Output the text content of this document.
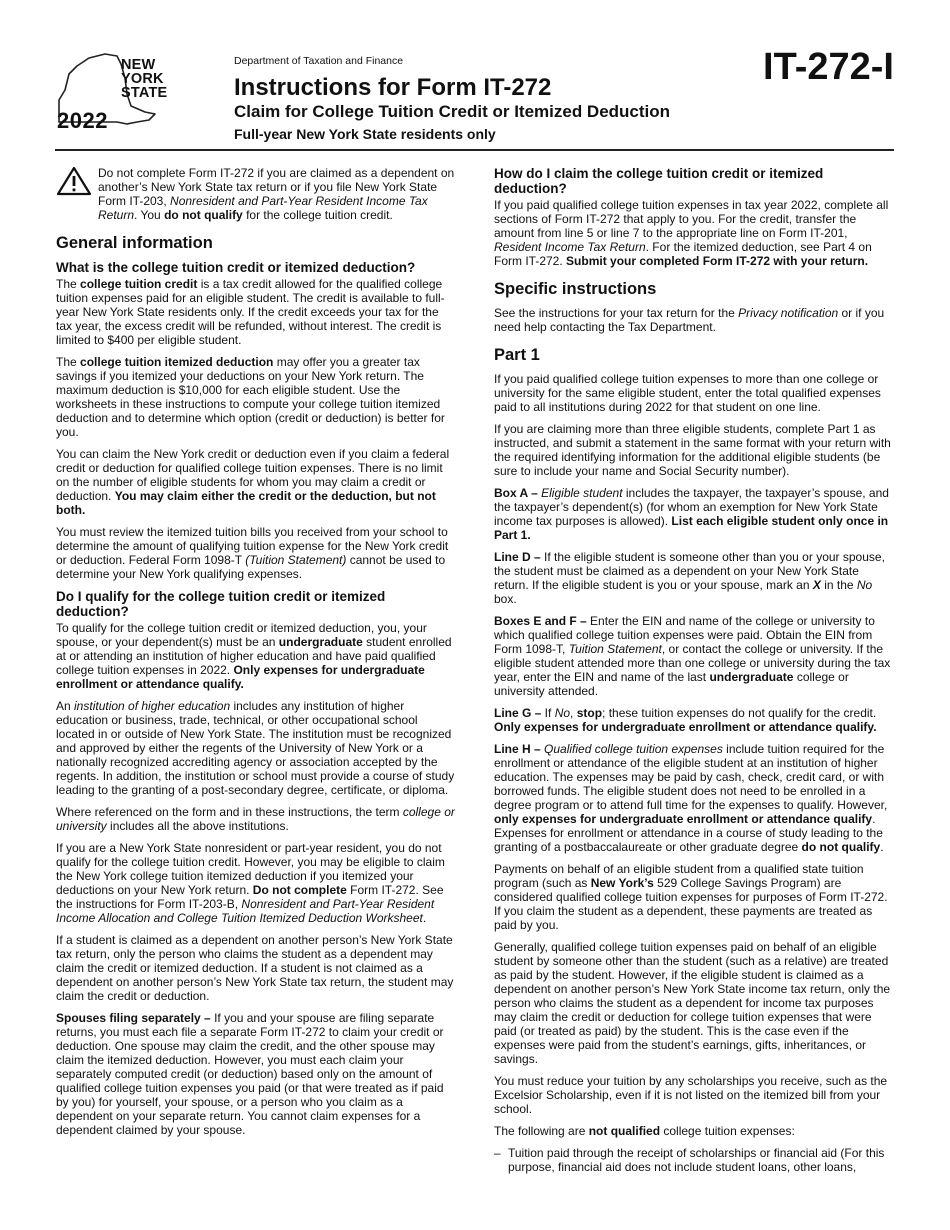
NEW
YORK
STATE
2022
Department of Taxation and Finance
Instructions for Form IT-272
Claim for College Tuition Credit or Itemized Deduction
Full-year New York State residents only
IT-272-I

Do not complete Form IT-272 if you are claimed as a dependent on another’s New York State tax return or if you file New York State Form IT-203, Nonresident and Part-Year Resident Income Tax Return. You do not qualify for the college tuition credit.

General information
What is the college tuition credit or itemized deduction?

The college tuition credit is a tax credit allowed for the qualified college tuition expenses paid for an eligible student. The credit is available to full-year New York State residents only. If the credit exceeds your tax for the tax year, the excess credit will be refunded, without interest. The credit is limited to $400 per eligible student.

The college tuition itemized deduction may offer you a greater tax savings if you itemized your deductions on your New York return. The maximum deduction is $10,000 for each eligible student. Use the worksheets in these instructions to compute your college tuition itemized deduction and to determine which option (credit or deduction) is better for you.

You can claim the New York credit or deduction even if you claim a federal credit or deduction for qualified college tuition expenses. There is no limit on the number of eligible students for whom you may claim a credit or deduction. You may claim either the credit or the deduction, but not both.

You must review the itemized tuition bills you received from your school to determine the amount of qualifying tuition expense for the New York credit or deduction. Federal Form 1098-T (Tuition Statement) cannot be used to determine your New York qualifying expenses.

Do I qualify for the college tuition credit or itemized deduction?

To qualify for the college tuition credit or itemized deduction, you, your spouse, or your dependent(s) must be an undergraduate student enrolled at or attending an institution of higher education and have paid qualified college tuition expenses in 2022. Only expenses for undergraduate enrollment or attendance qualify.

An institution of higher education includes any institution of higher education or business, trade, technical, or other occupational school located in or outside of New York State. The institution must be recognized and approved by either the regents of the University of New York or a nationally recognized accrediting agency or association accepted by the regents. In addition, the institution or school must provide a course of study leading to the granting of a post-secondary degree, certificate, or diploma.

Where referenced on the form and in these instructions, the term college or university includes all the above institutions.

If you are a New York State nonresident or part-year resident, you do not qualify for the college tuition credit. However, you may be eligible to claim the New York college tuition itemized deduction if you itemized your deductions on your New York return. Do not complete Form IT-272. See the instructions for Form IT-203-B, Nonresident and Part-Year Resident Income Allocation and College Tuition Itemized Deduction Worksheet.

If a student is claimed as a dependent on another person’s New York State tax return, only the person who claims the student as a dependent may claim the credit or itemized deduction. If a student is not claimed as a dependent on another person’s New York State tax return, the student may claim the credit or deduction.

Spouses filing separately – If you and your spouse are filing separate returns, you must each file a separate Form IT-272 to claim your credit or deduction. One spouse may claim the credit, and the other spouse may claim the itemized deduction. However, you must each claim your separately computed credit (or deduction) based only on the amount of qualified college tuition expenses you paid (or that were treated as if paid by you) for yourself, your spouse, or a person who you claim as a dependent on your separate return. You cannot claim expenses for a dependent claimed by your spouse.

How do I claim the college tuition credit or itemized deduction?

If you paid qualified college tuition expenses in tax year 2022, complete all sections of Form IT-272 that apply to you. For the credit, transfer the amount from line 5 or line 7 to the appropriate line on Form IT-201, Resident Income Tax Return. For the itemized deduction, see Part 4 on Form IT-272. Submit your completed Form IT-272 with your return.

Specific instructions

See the instructions for your tax return for the Privacy notification or if you need help contacting the Tax Department.

Part 1

If you paid qualified college tuition expenses to more than one college or university for the same eligible student, enter the total qualified expenses paid to all institutions during 2022 for that student on one line.

If you are claiming more than three eligible students, complete Part 1 as instructed, and submit a statement in the same format with your return with the required identifying information for the additional eligible students (be sure to include your name and Social Security number).

Box A – Eligible student includes the taxpayer, the taxpayer’s spouse, and the taxpayer’s dependent(s) (for whom an exemption for New York State income tax purposes is allowed). List each eligible student only once in Part 1.

Line D – If the eligible student is someone other than you or your spouse, the student must be claimed as a dependent on your New York State return. If the eligible student is you or your spouse, mark an X in the No box.

Boxes E and F – Enter the EIN and name of the college or university to which qualified college tuition expenses were paid. Obtain the EIN from Form 1098-T, Tuition Statement, or contact the college or university. If the eligible student attended more than one college or university during the tax year, enter the EIN and name of the last undergraduate college or university attended.

Line G – If No, stop; these tuition expenses do not qualify for the credit. Only expenses for undergraduate enrollment or attendance qualify.

Line H – Qualified college tuition expenses include tuition required for the enrollment or attendance of the eligible student at an institution of higher education. The expenses may be paid by cash, check, credit card, or with borrowed funds. The eligible student does not need to be enrolled in a degree program or to attend full time for the expenses to qualify. However, only expenses for undergraduate enrollment or attendance qualify. Expenses for enrollment or attendance in a course of study leading to the granting of a postbaccalaureate or other graduate degree do not qualify.

Payments on behalf of an eligible student from a qualified state tuition program (such as New York’s 529 College Savings Program) are considered qualified college tuition expenses for purposes of Form IT-272. If you claim the student as a dependent, these payments are treated as paid by you.

Generally, qualified college tuition expenses paid on behalf of an eligible student by someone other than the student (such as a relative) are treated as paid by the student. However, if the eligible student is claimed as a dependent on another person’s New York State income tax return, only the person who claims the student as a dependent for income tax purposes may claim the credit or deduction for college tuition expenses that were paid (or treated as paid) by the student. This is the case even if the expenses were paid from the student’s earnings, gifts, inheritances, or savings.

You must reduce your tuition by any scholarships you receive, such as the Excelsior Scholarship, even if it is not listed on the itemized bill from your school.

The following are not qualified college tuition expenses:

– Tuition paid through the receipt of scholarships or financial aid (For this purpose, financial aid does not include student loans, other loans,
